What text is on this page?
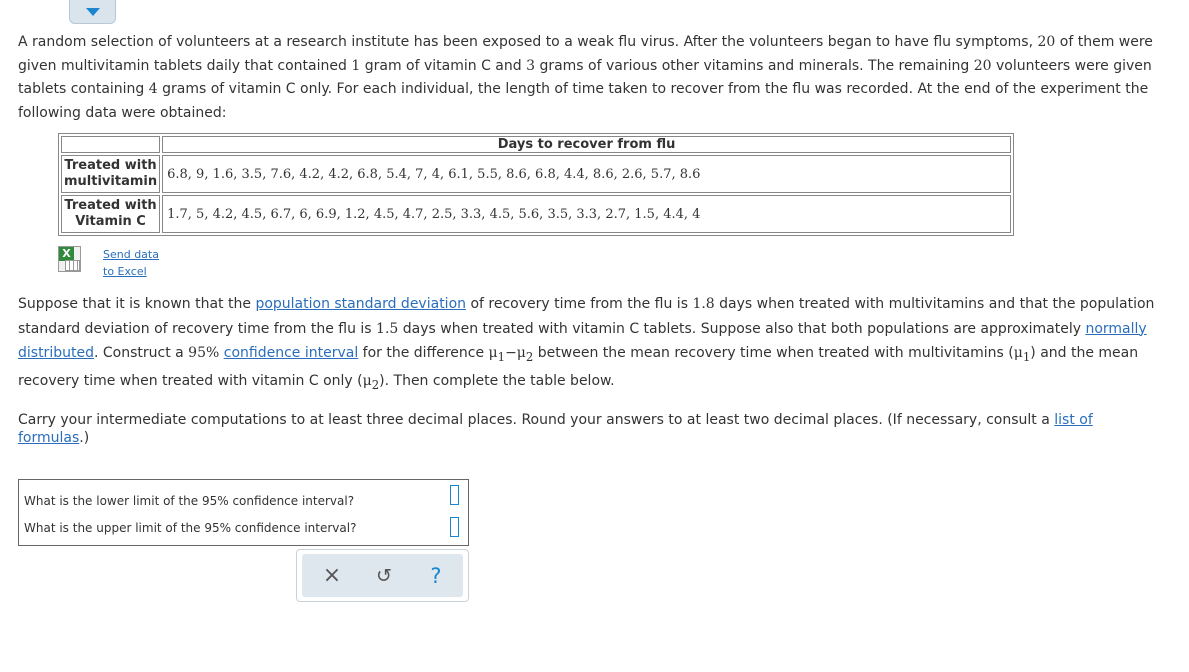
A random selection of volunteers at a research institute has been exposed to a weak flu virus. After the volunteers began to have flu symptoms, 20 of them were given multivitamin tablets daily that contained 1 gram of vitamin C and 3 grams of various other vitamins and minerals. The remaining 20 volunteers were given tablets containing 4 grams of vitamin C only. For each individual, the length of time taken to recover from the flu was recorded. At the end of the experiment the following data were obtained:

	Days to recover from flu
Treated with
multivitamin	6.8, 9, 1.6, 3.5, 7.6, 4.2, 4.2, 6.8, 5.4, 7, 4, 6.1, 5.5, 8.6, 6.8, 4.4, 8.6, 2.6, 5.7, 8.6
Treated with
Vitamin C	1.7, 5, 4.2, 4.5, 6.7, 6, 6.9, 1.2, 4.5, 4.7, 2.5, 3.3, 4.5, 5.6, 3.5, 3.3, 2.7, 1.5, 4.4, 4
X	Send data
to Excel

Suppose that it is known that the population standard deviation of recovery time from the flu is 1.8 days when treated with multivitamins and that the population standard deviation of recovery time from the flu is 1.5 days when treated with vitamin C tablets. Suppose also that both populations are approximately normally distributed. Construct a 95% confidence interval for the difference $\mu_1-\mu_2$ between the mean recovery time when treated with multivitamins $(\mu_1)$ and the mean recovery time when treated with vitamin C only $(\mu_2)$. Then complete the table below.

Carry your intermediate computations to at least three decimal places. Round your answers to at least two decimal places. (If necessary, consult a list of formulas.)

What is the lower limit of the 95% confidence interval?
What is the upper limit of the 95% confidence interval?
×	↺	?
